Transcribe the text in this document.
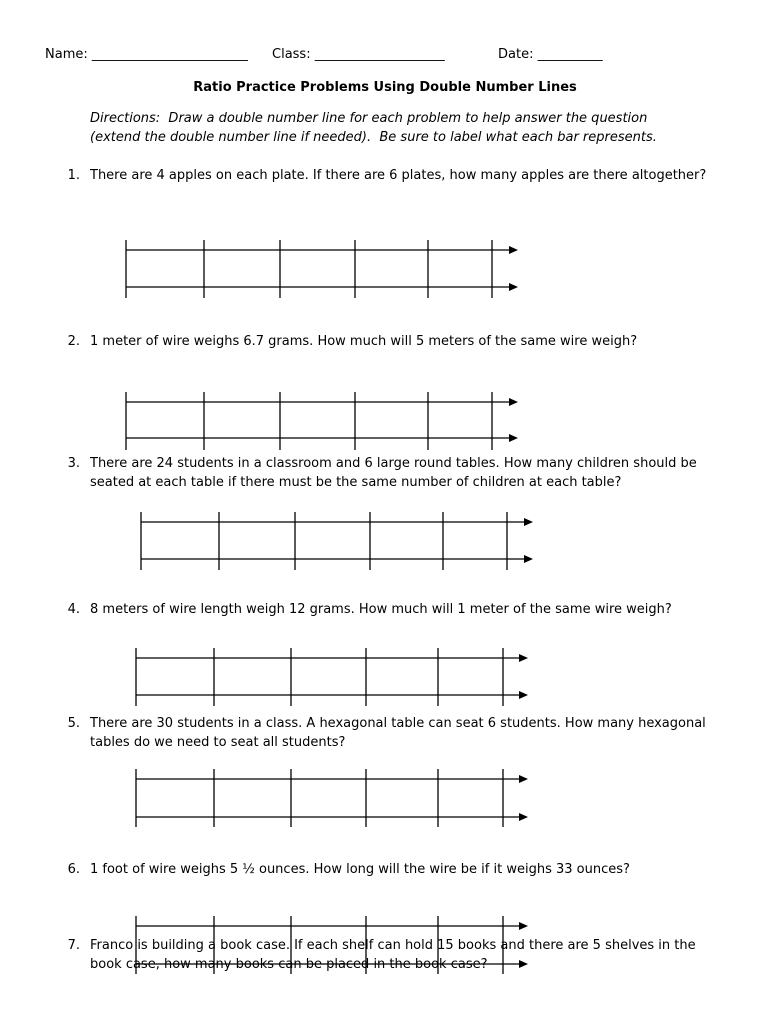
Name: ________________________ Class: ____________________	Date: __________
Ratio Practice Problems Using Double Number Lines
Directions:  Draw a double number line for each problem to help answer the question
(extend the double number line if needed).  Be sure to label what each bar represents.
1. There are 4 apples on each plate. If there are 6 plates, how many apples are there altogether?
2. 1 meter of wire weighs 6.7 grams. How much will 5 meters of the same wire weigh?
3. There are 24 students in a classroom and 6 large round tables. How many children should be seated at each table if there must be the same number of children at each table?
4. 8 meters of wire length weigh 12 grams. How much will 1 meter of the same wire weigh?
5. There are 30 students in a class. A hexagonal table can seat 6 students. How many hexagonal tables do we need to seat all students?
6. 1 foot of wire weighs 5 ½ ounces. How long will the wire be if it weighs 33 ounces?
7. Franco is building a book case. If each shelf can hold 15 books and there are 5 shelves in the book case, how many books can be placed in the book case?
